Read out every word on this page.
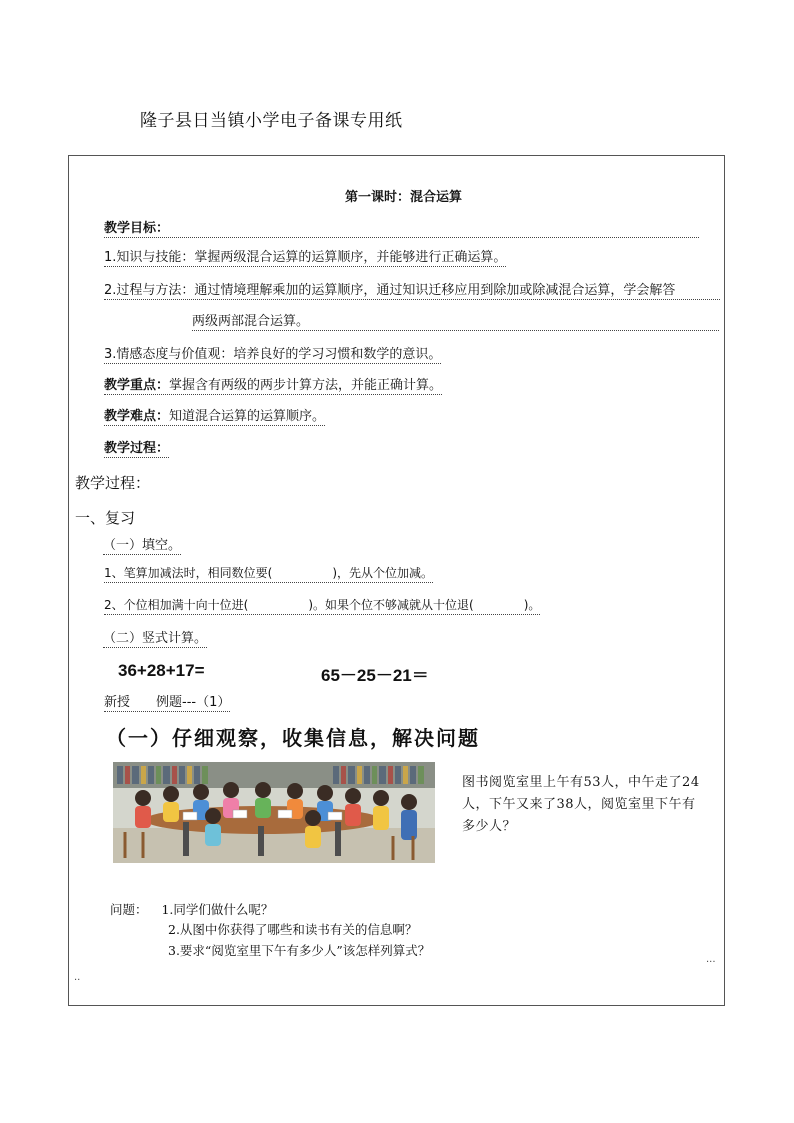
隆子县日当镇小学电子备课专用纸
第一课时：混合运算
教学目标：
1.知识与技能：掌握两级混合运算的运算顺序，并能够进行正确运算。
2.过程与方法：通过情境理解乘加的运算顺序，通过知识迁移应用到除加或除减混合运算，学会解答
两级两部混合运算。
3.情感态度与价值观：培养良好的学习习惯和数学的意识。
教学重点：掌握含有两级的两步计算方法，并能正确计算。
教学难点：知道混合运算的运算顺序。
教学过程：
教学过程：
一、复习
（一）填空。
1、笔算加减法时，相同数位要(	)，先从个位加减。
2、个位相加满十向十位进(	)。如果个位不够减就从十位退(	)。
（二）竖式计算。
36+28+17=	65－25－21＝
新授 例题---（1）
（一）仔细观察，收集信息，解决问题
图书阅览室里上午有53人，中午走了24人，下午又来了38人，阅览室里下午有多少人？
问题： 1.同学们做什么呢？
2.从图中你获得了哪些和读书有关的信息啊？
3.要求“阅览室里下午有多少人”该怎样列算式？
...
..
